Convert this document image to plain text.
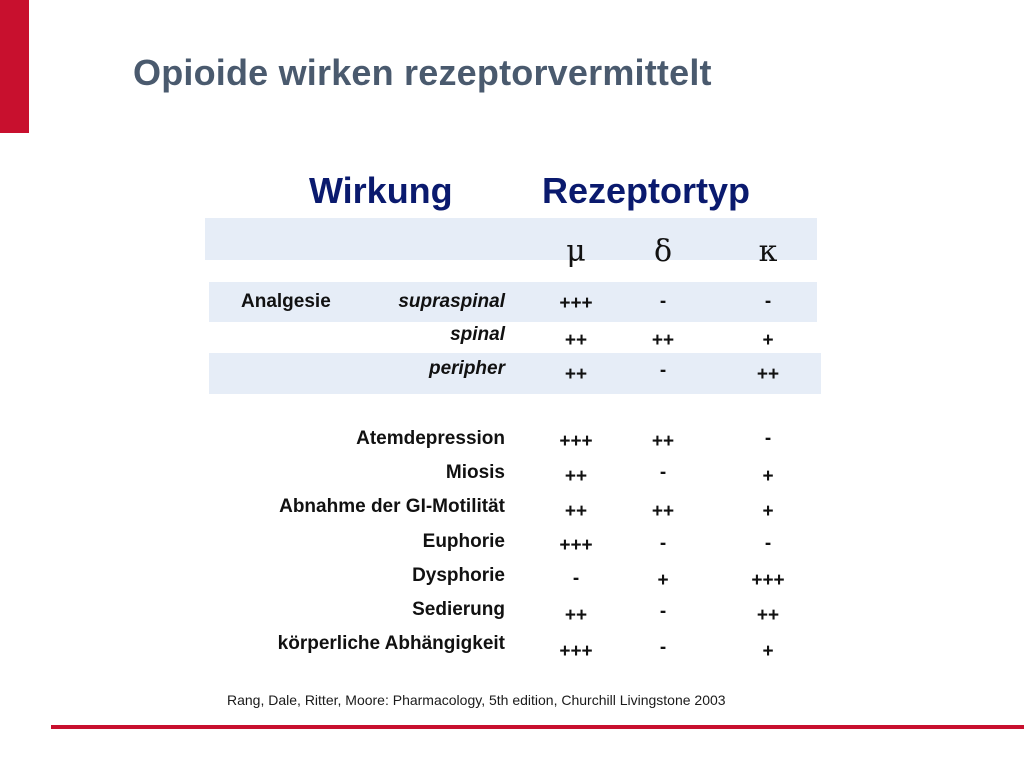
Opioide wirken rezeptorvermittelt
Wirkung Rezeptortyp
μ	δ	κ
Analgesie	supraspinal	+++	-	-
spinal	++	++	+
peripher	++	-	++
Atemdepression	+++	++	-
Miosis	++	-	+
Abnahme der GI-Motilität	++	++	+
Euphorie	+++	-	-
Dysphorie	-	+	+++
Sedierung	++	-	++
körperliche Abhängigkeit	+++	-	+

Rang, Dale, Ritter, Moore: Pharmacology, 5th edition, Churchill Livingstone 2003
